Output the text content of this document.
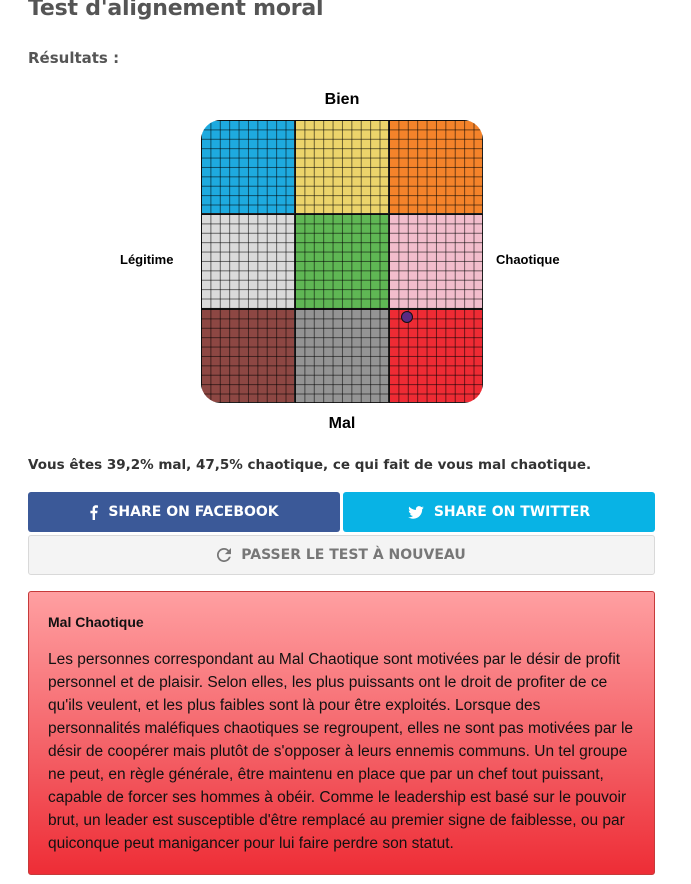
Test d'alignement moral
Résultats :
Bien
Légitime	Chaotique
Mal
Vous êtes 39,2% mal, 47,5% chaotique, ce qui fait de vous mal chaotique.
SHARE ON FACEBOOK	SHARE ON TWITTER
PASSER LE TEST À NOUVEAU
Mal Chaotique

Les personnes correspondant au Mal Chaotique sont motivées par le désir de profit personnel et de plaisir. Selon elles, les plus puissants ont le droit de profiter de ce qu'ils veulent, et les plus faibles sont là pour être exploités. Lorsque des personnalités maléfiques chaotiques se regroupent, elles ne sont pas motivées par le désir de coopérer mais plutôt de s'opposer à leurs ennemis communs. Un tel groupe ne peut, en règle générale, être maintenu en place que par un chef tout puissant, capable de forcer ses hommes à obéir. Comme le leadership est basé sur le pouvoir brut, un leader est susceptible d'être remplacé au premier signe de faiblesse, ou par quiconque peut manigancer pour lui faire perdre son statut.
